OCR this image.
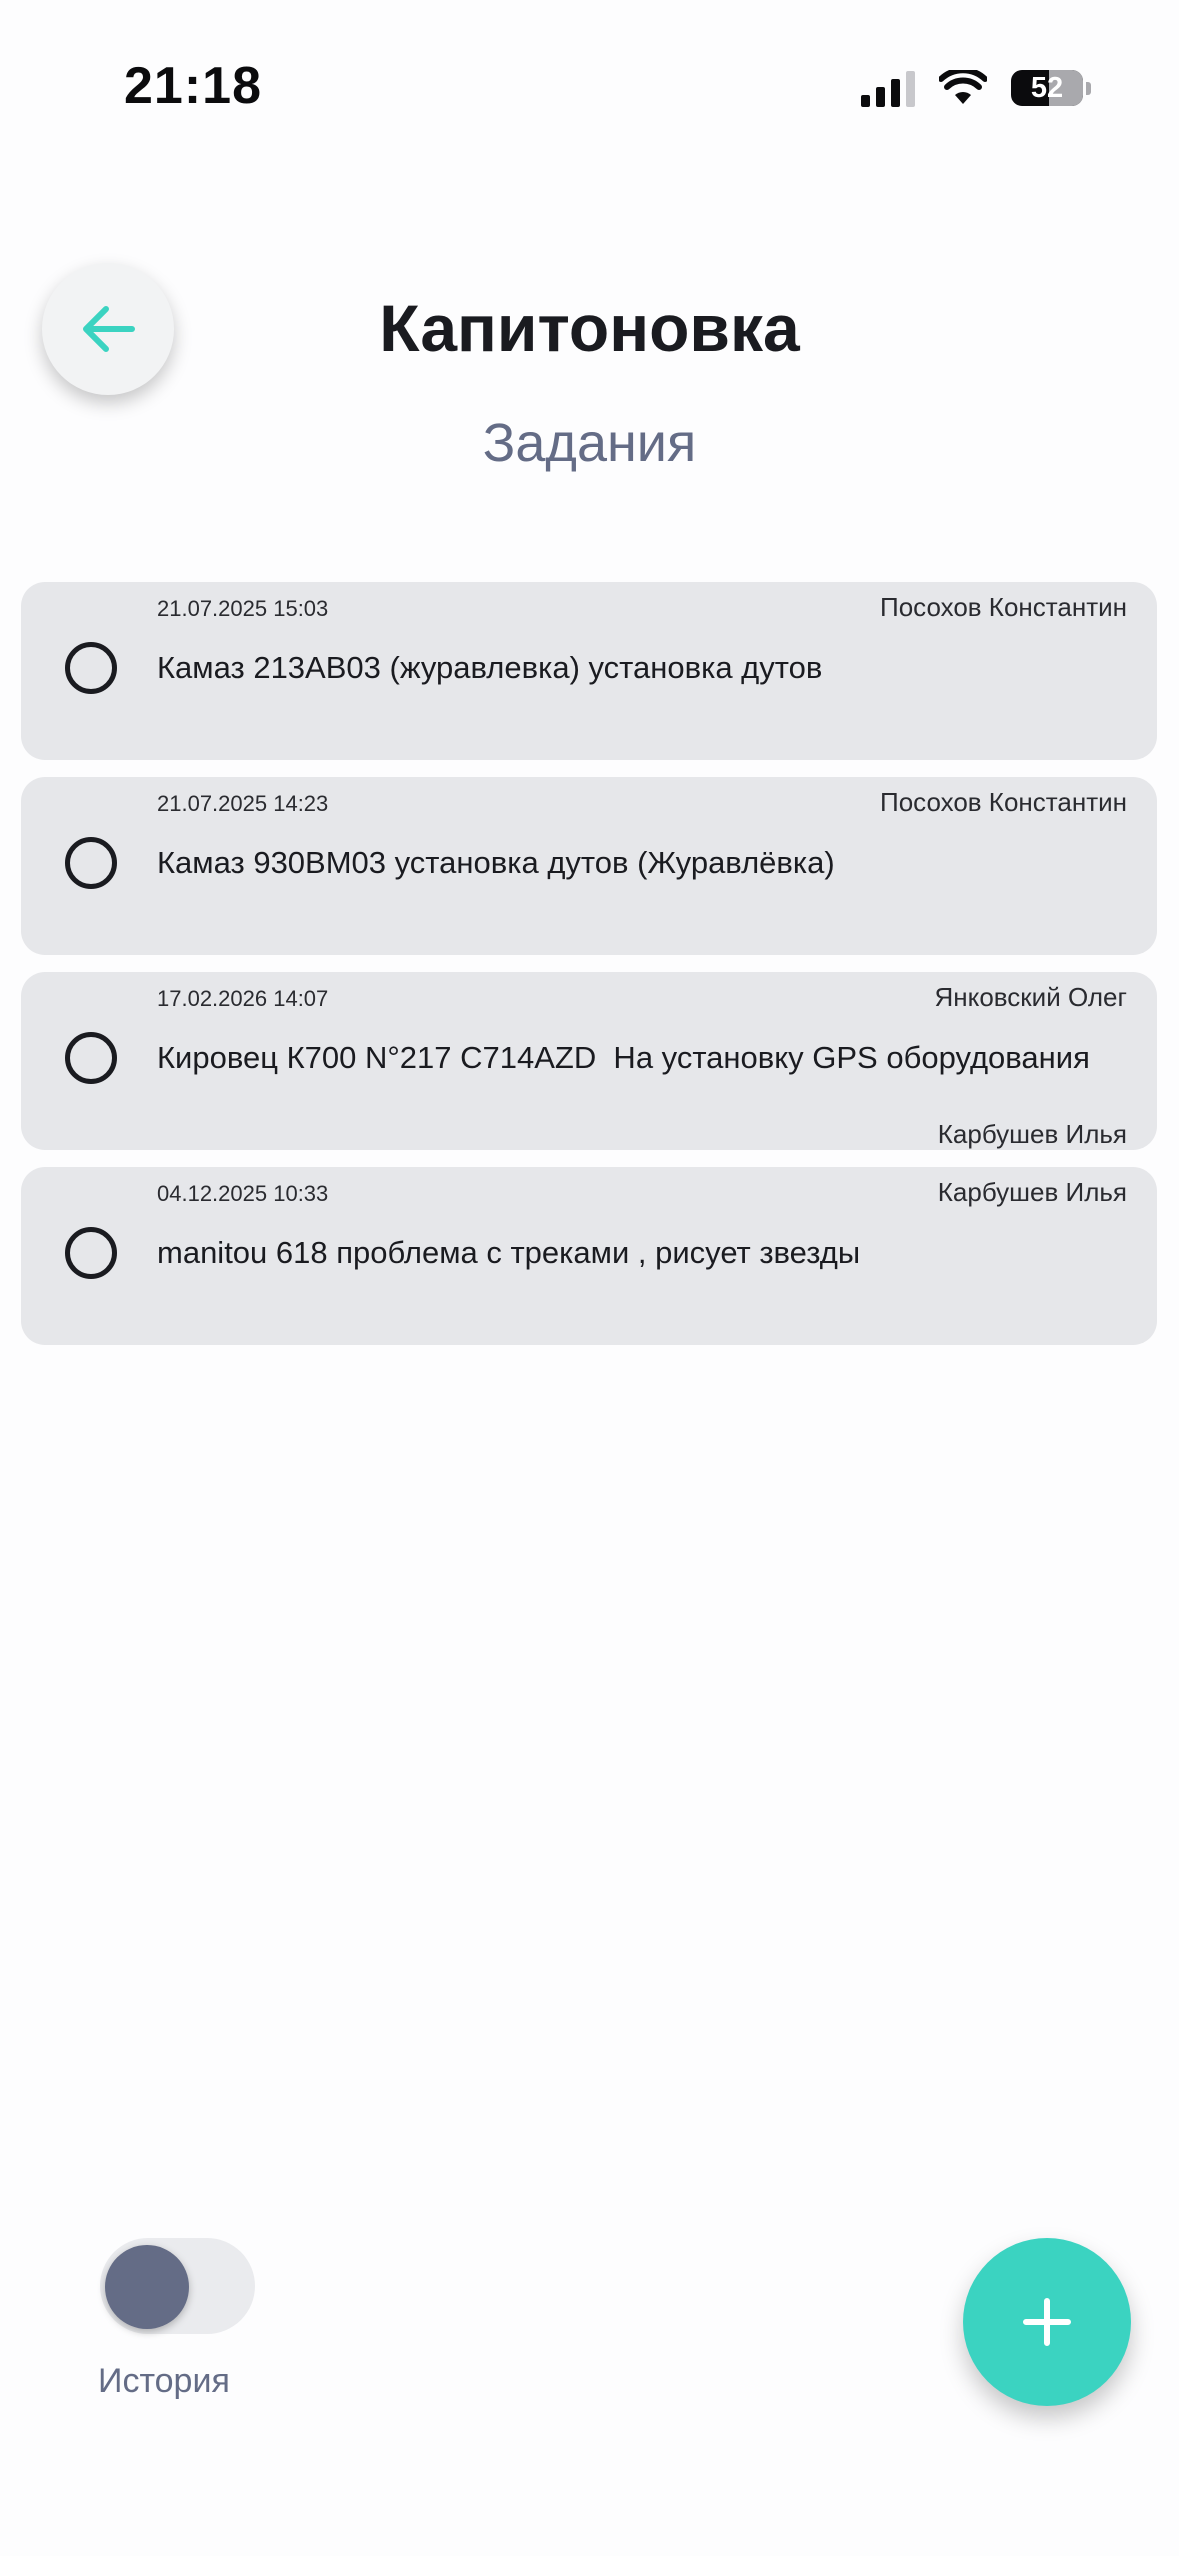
21:18	52
Капитоновка
Задания
21.07.2025 15:03	Посохов Константин
Камаз 213АВ03 (журавлевка) установка дутов
21.07.2025 14:23	Посохов Константин
Камаз 930ВМ03 установка дутов (Журавлёвка)
17.02.2026 14:07	Янковский Олег
Кировец К700 N°217 C714AZD  На установку GPS оборудования
Карбушев Илья
04.12.2025 10:33	Карбушев Илья
manitou 618 проблема с треками , рисует звезды
История
